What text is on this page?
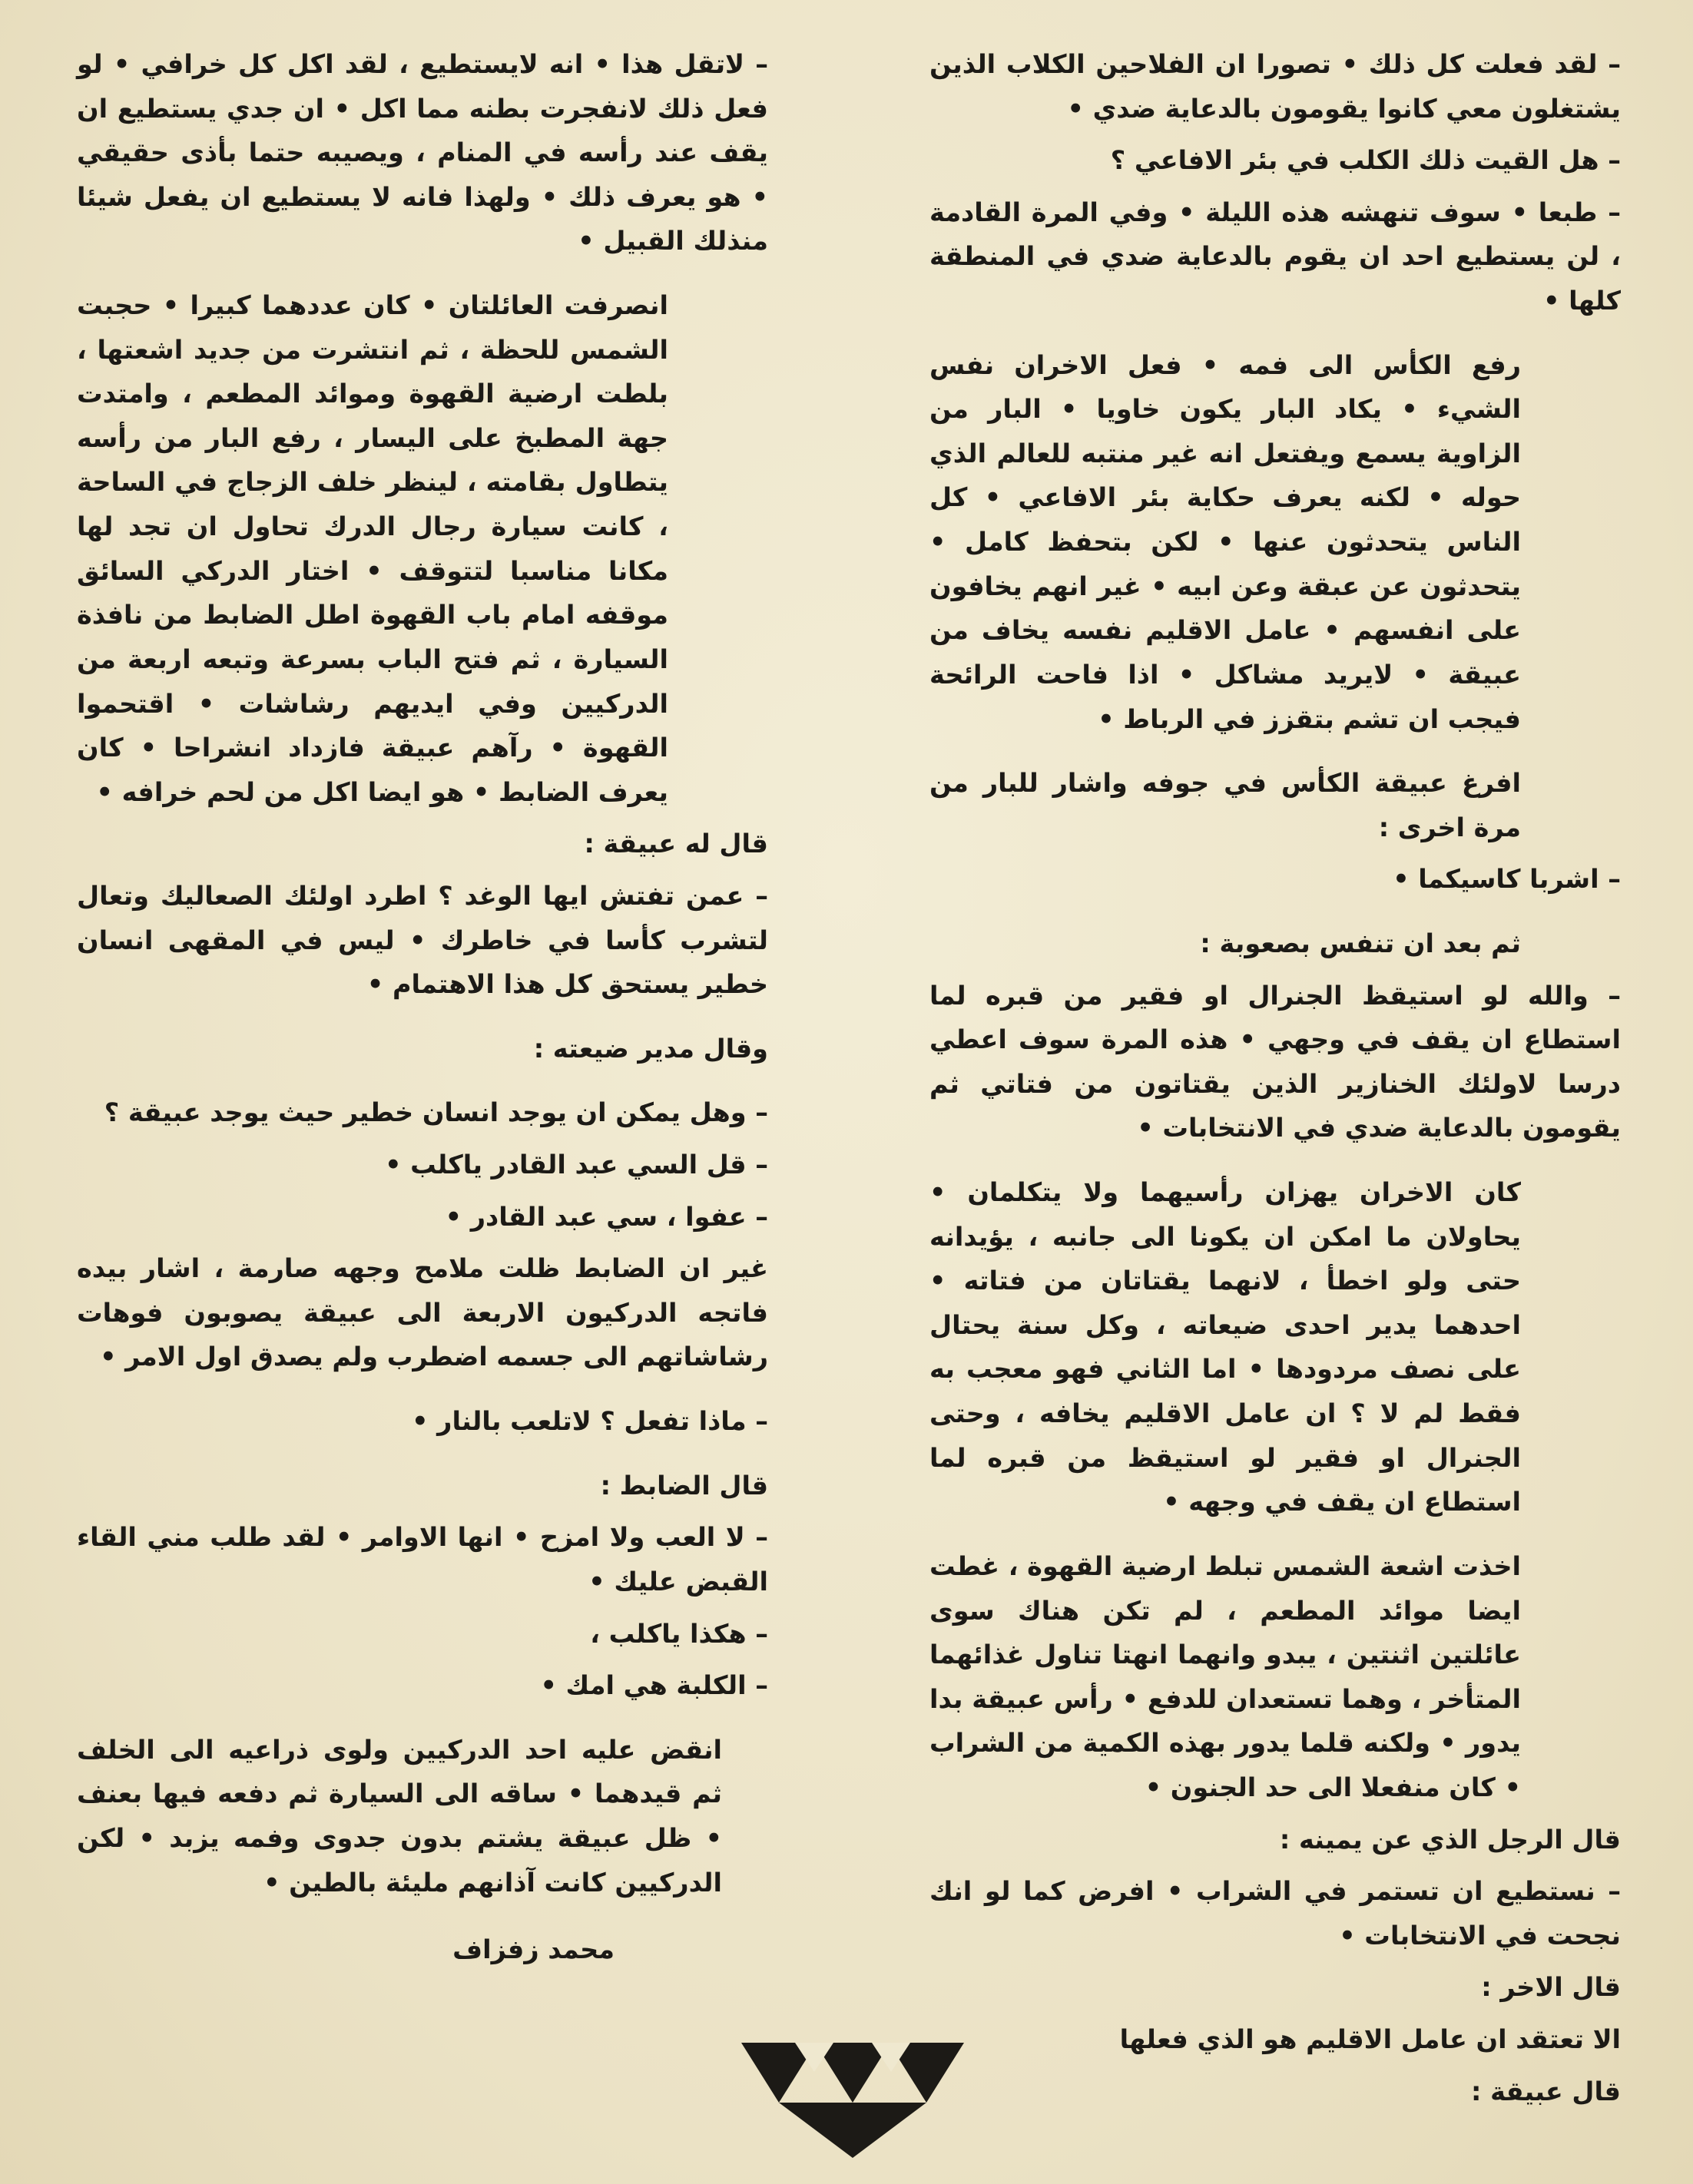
– لقد فعلت كل ذلك • تصورا ان الفلاحين الكلاب الذين يشتغلون معي كانوا يقومون بالدعاية ضدي •

– هل القيت ذلك الكلب في بئر الافاعي ؟

– طبعا • سوف تنهشه هذه الليلة • وفي المرة القادمة ، لن يستطيع احد ان يقوم بالدعاية ضدي في المنطقة كلها •

رفع الكأس الى فمه • فعل الاخران نفس الشيء • يكاد البار يكون خاويا • البار من الزاوية يسمع ويفتعل انه غير منتبه للعالم الذي حوله • لكنه يعرف حكاية بئر الافاعي • كل الناس يتحدثون عنها • لكن بتحفظ كامل • يتحدثون عن عبقة وعن ابيه • غير انهم يخافون على انفسهم • عامل الاقليم نفسه يخاف من عبيقة • لايريد مشاكل • اذا فاحت الرائحة فيجب ان تشم بتقزز في الرباط •

افرغ عبيقة الكأس في جوفه واشار للبار من مرة اخرى :

– اشربا كاسيكما •

ثم بعد ان تنفس بصعوبة :

– والله لو استيقظ الجنرال او فقير من قبره لما استطاع ان يقف في وجهي • هذه المرة سوف اعطي درسا لاولئك الخنازير الذين يقتاتون من فتاتي ثم يقومون بالدعاية ضدي في الانتخابات •

كان الاخران يهزان رأسيهما ولا يتكلمان • يحاولان ما امكن ان يكونا الى جانبه ، يؤيدانه حتى ولو اخطأ ، لانهما يقتاتان من فتاته • احدهما يدير احدى ضيعاته ، وكل سنة يحتال على نصف مردودها • اما الثاني فهو معجب به فقط لم لا ؟ ان عامل الاقليم يخافه ، وحتى الجنرال او فقير لو استيقظ من قبره لما استطاع ان يقف في وجهه •

اخذت اشعة الشمس تبلط ارضية القهوة ، غطت ايضا موائد المطعم ، لم تكن هناك سوى عائلتين اثنتين ، يبدو وانهما انهتا تناول غذائهما المتأخر ، وهما تستعدان للدفع • رأس عبيقة بدا يدور • ولكنه قلما يدور بهذه الكمية من الشراب • كان منفعلا الى حد الجنون •

قال الرجل الذي عن يمينه :

– نستطيع ان تستمر في الشراب • افرض كما لو انك نجحت في الانتخابات •

قال الاخر :

الا تعتقد ان عامل الاقليم هو الذي فعلها

قال عبيقة :

– لاتقل هذا • انه لايستطيع ، لقد اكل كل خرافي • لو فعل ذلك لانفجرت بطنه مما اكل • ان جدي يستطيع ان يقف عند رأسه في المنام ، ويصيبه حتما بأذى حقيقي • هو يعرف ذلك • ولهذا فانه لا يستطيع ان يفعل شيئا منذلك القبيل •

انصرفت العائلتان • كان عددهما كبيرا • حجبت الشمس للحظة ، ثم انتشرت من جديد اشعتها ، بلطت ارضية القهوة وموائد المطعم ، وامتدت جهة المطبخ على اليسار ، رفع البار من رأسه يتطاول بقامته ، لينظر خلف الزجاج في الساحة ، كانت سيارة رجال الدرك تحاول ان تجد لها مكانا مناسبا لتتوقف • اختار الدركي السائق موقفه امام باب القهوة اطل الضابط من نافذة السيارة ، ثم فتح الباب بسرعة وتبعه اربعة من الدركيين وفي ايديهم رشاشات • اقتحموا القهوة • رآهم عبيقة فازداد انشراحا • كان يعرف الضابط • هو ايضا اكل من لحم خرافه •

قال له عبيقة :

– عمن تفتش ايها الوغد ؟ اطرد اولئك الصعاليك وتعال لتشرب كأسا في خاطرك • ليس في المقهى انسان خطير يستحق كل هذا الاهتمام •

وقال مدير ضيعته :

– وهل يمكن ان يوجد انسان خطير حيث يوجد عبيقة ؟

– قل السي عبد القادر ياكلب •

– عفوا ، سي عبد القادر •

غير ان الضابط ظلت ملامح وجهه صارمة ، اشار بيده فاتجه الدركيون الاربعة الى عبيقة يصوبون فوهات رشاشاتهم الى جسمه اضطرب ولم يصدق اول الامر •

– ماذا تفعل ؟ لاتلعب بالنار •

قال الضابط :

– لا العب ولا امزح • انها الاوامر • لقد طلب مني القاء القبض عليك •

– هكذا ياكلب ،

– الكلبة هي امك •

انقض عليه احد الدركيين ولوى ذراعيه الى الخلف ثم قيدهما • ساقه الى السيارة ثم دفعه فيها بعنف • ظل عبيقة يشتم بدون جدوى وفمه يزبد • لكن الدركيين كانت آذانهم مليئة بالطين •

محمد زفزاف
